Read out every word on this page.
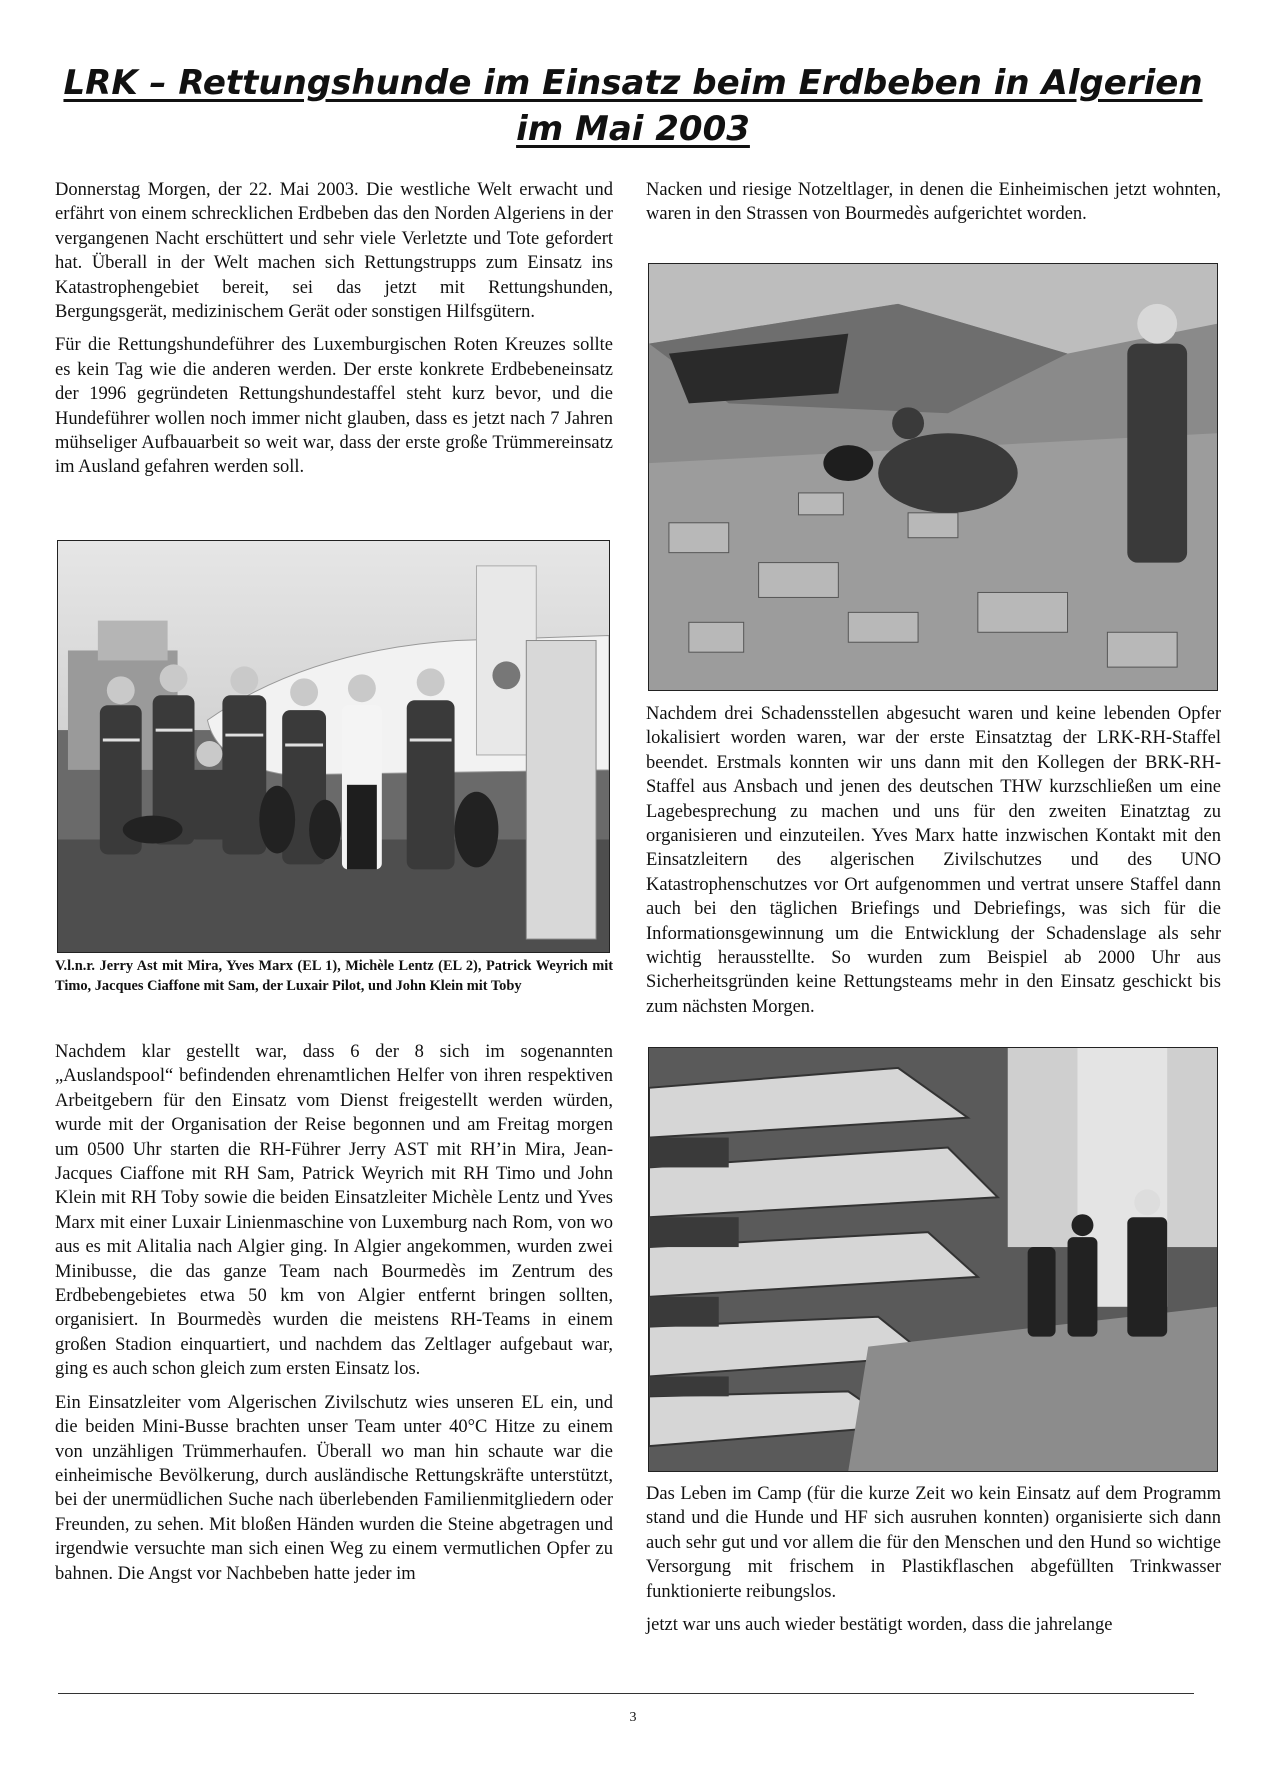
LRK – Rettungshunde im Einsatz beim Erdbeben in Algerien
im Mai 2003

Donnerstag Morgen, der 22. Mai 2003. Die westliche Welt erwacht und erfährt von einem schrecklichen Erdbeben das den Norden Algeriens in der vergangenen Nacht erschüttert und sehr viele Verletzte und Tote gefordert hat. Überall in der Welt machen sich Rettungstrupps zum Einsatz ins Katastrophengebiet bereit, sei das jetzt mit Rettungshunden, Bergungsgerät, medizinischem Gerät oder sonstigen Hilfsgütern.

Für die Rettungshundeführer des Luxemburgischen Roten Kreuzes sollte es kein Tag wie die anderen werden. Der erste konkrete Erdbebeneinsatz der 1996 gegründeten Rettungshundestaffel steht kurz bevor, und die Hundeführer wollen noch immer nicht glauben, dass es jetzt nach 7 Jahren mühseliger Aufbauarbeit so weit war, dass der erste große Trümmereinsatz im Ausland gefahren werden soll.

V.l.n.r. Jerry Ast mit Mira, Yves Marx (EL 1), Michèle Lentz (EL 2), Patrick Weyrich mit Timo, Jacques Ciaffone mit Sam, der Luxair Pilot, und John Klein mit Toby

Nachdem klar gestellt war, dass 6 der 8 sich im sogenannten „Auslandspool“ befindenden ehrenamtlichen Helfer von ihren respektiven Arbeitgebern für den Einsatz vom Dienst freigestellt werden würden, wurde mit der Organisation der Reise begonnen und am Freitag morgen um 0500 Uhr starten die RH-Führer Jerry AST mit RH’in Mira, Jean-Jacques Ciaffone mit RH Sam, Patrick Weyrich mit RH Timo und John Klein mit RH Toby sowie die beiden Einsatzleiter Michèle Lentz und Yves Marx mit einer Luxair Linienmaschine von Luxemburg nach Rom, von wo aus es mit Alitalia nach Algier ging. In Algier angekommen, wurden zwei Minibusse, die das ganze Team nach Bourmedès im Zentrum des Erdbebengebietes etwa 50 km von Algier entfernt bringen sollten, organisiert. In Bourmedès wurden die meistens RH-Teams in einem großen Stadion einquartiert, und nachdem das Zeltlager aufgebaut war, ging es auch schon gleich zum ersten Einsatz los.

Ein Einsatzleiter vom Algerischen Zivilschutz wies unseren EL ein, und die beiden Mini-Busse brachten unser Team unter 40°C Hitze zu einem von unzähligen Trümmerhaufen. Überall wo man hin schaute war die einheimische Bevölkerung, durch ausländische Rettungskräfte unterstützt, bei der unermüdlichen Suche nach überlebenden Familienmitgliedern oder Freunden, zu sehen. Mit bloßen Händen wurden die Steine abgetragen und irgendwie versuchte man sich einen Weg zu einem vermutlichen Opfer zu bahnen. Die Angst vor Nachbeben hatte jeder im

Nacken und riesige Notzeltlager, in denen die Einheimischen jetzt wohnten, waren in den Strassen von Bourmedès aufgerichtet worden.

Nachdem drei Schadensstellen abgesucht waren und keine lebenden Opfer lokalisiert worden waren, war der erste Einsatztag der LRK-RH-Staffel beendet. Erstmals konnten wir uns dann mit den Kollegen der BRK-RH-Staffel aus Ansbach und jenen des deutschen THW kurzschließen um eine Lagebesprechung zu machen und uns für den zweiten Einatztag zu organisieren und einzuteilen. Yves Marx hatte inzwischen Kontakt mit den Einsatzleitern des algerischen Zivilschutzes und des UNO Katastrophenschutzes vor Ort aufgenommen und vertrat unsere Staffel dann auch bei den täglichen Briefings und Debriefings, was sich für die Informationsgewinnung um die Entwicklung der Schadenslage als sehr wichtig herausstellte. So wurden zum Beispiel ab 2000 Uhr aus Sicherheitsgründen keine Rettungsteams mehr in den Einsatz geschickt bis zum nächsten Morgen.

Das Leben im Camp (für die kurze Zeit wo kein Einsatz auf dem Programm stand und die Hunde und HF sich ausruhen konnten) organisierte sich dann auch sehr gut und vor allem die für den Menschen und den Hund so wichtige Versorgung mit frischem in Plastikflaschen abgefüllten Trinkwasser funktionierte reibungslos.

jetzt war uns auch wieder bestätigt worden, dass die jahrelange

3
